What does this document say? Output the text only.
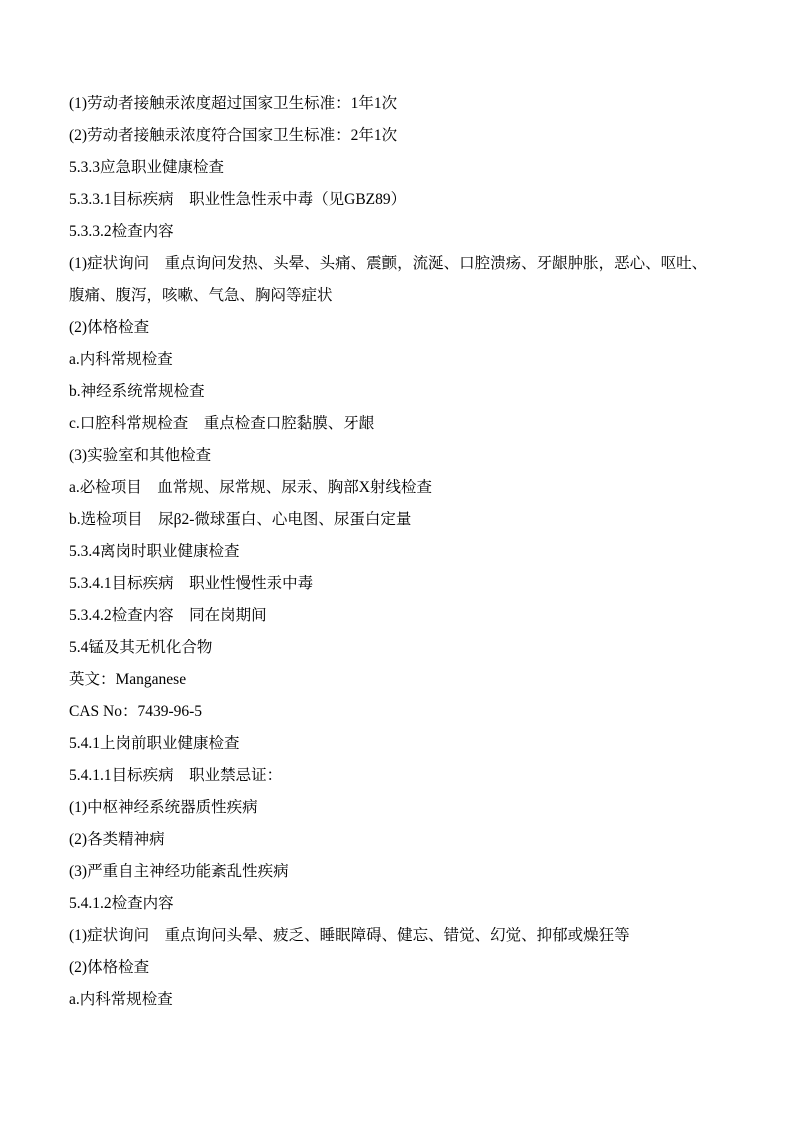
(1)劳动者接触汞浓度超过国家卫生标准：1年1次
(2)劳动者接触汞浓度符合国家卫生标准：2年1次
5.3.3应急职业健康检查
5.3.3.1目标疾病　职业性急性汞中毒（见GBZ89）
5.3.3.2检查内容
(1)症状询问　重点询问发热、头晕、头痛、震颤，流涎、口腔溃疡、牙龈肿胀，恶心、呕吐、
腹痛、腹泻，咳嗽、气急、胸闷等症状
(2)体格检查
a.内科常规检查
b.神经系统常规检查
c.口腔科常规检查　重点检查口腔黏膜、牙龈
(3)实验室和其他检查
a.必检项目　血常规、尿常规、尿汞、胸部X射线检查
b.选检项目　尿β2-微球蛋白、心电图、尿蛋白定量
5.3.4离岗时职业健康检查
5.3.4.1目标疾病　职业性慢性汞中毒
5.3.4.2检查内容　同在岗期间
5.4锰及其无机化合物
英文：Manganese
CAS No：7439-96-5
5.4.1上岗前职业健康检查
5.4.1.1目标疾病　职业禁忌证：
(1)中枢神经系统器质性疾病
(2)各类精神病
(3)严重自主神经功能紊乱性疾病
5.4.1.2检查内容
(1)症状询问　重点询问头晕、疲乏、睡眠障碍、健忘、错觉、幻觉、抑郁或燥狂等
(2)体格检查
a.内科常规检查
